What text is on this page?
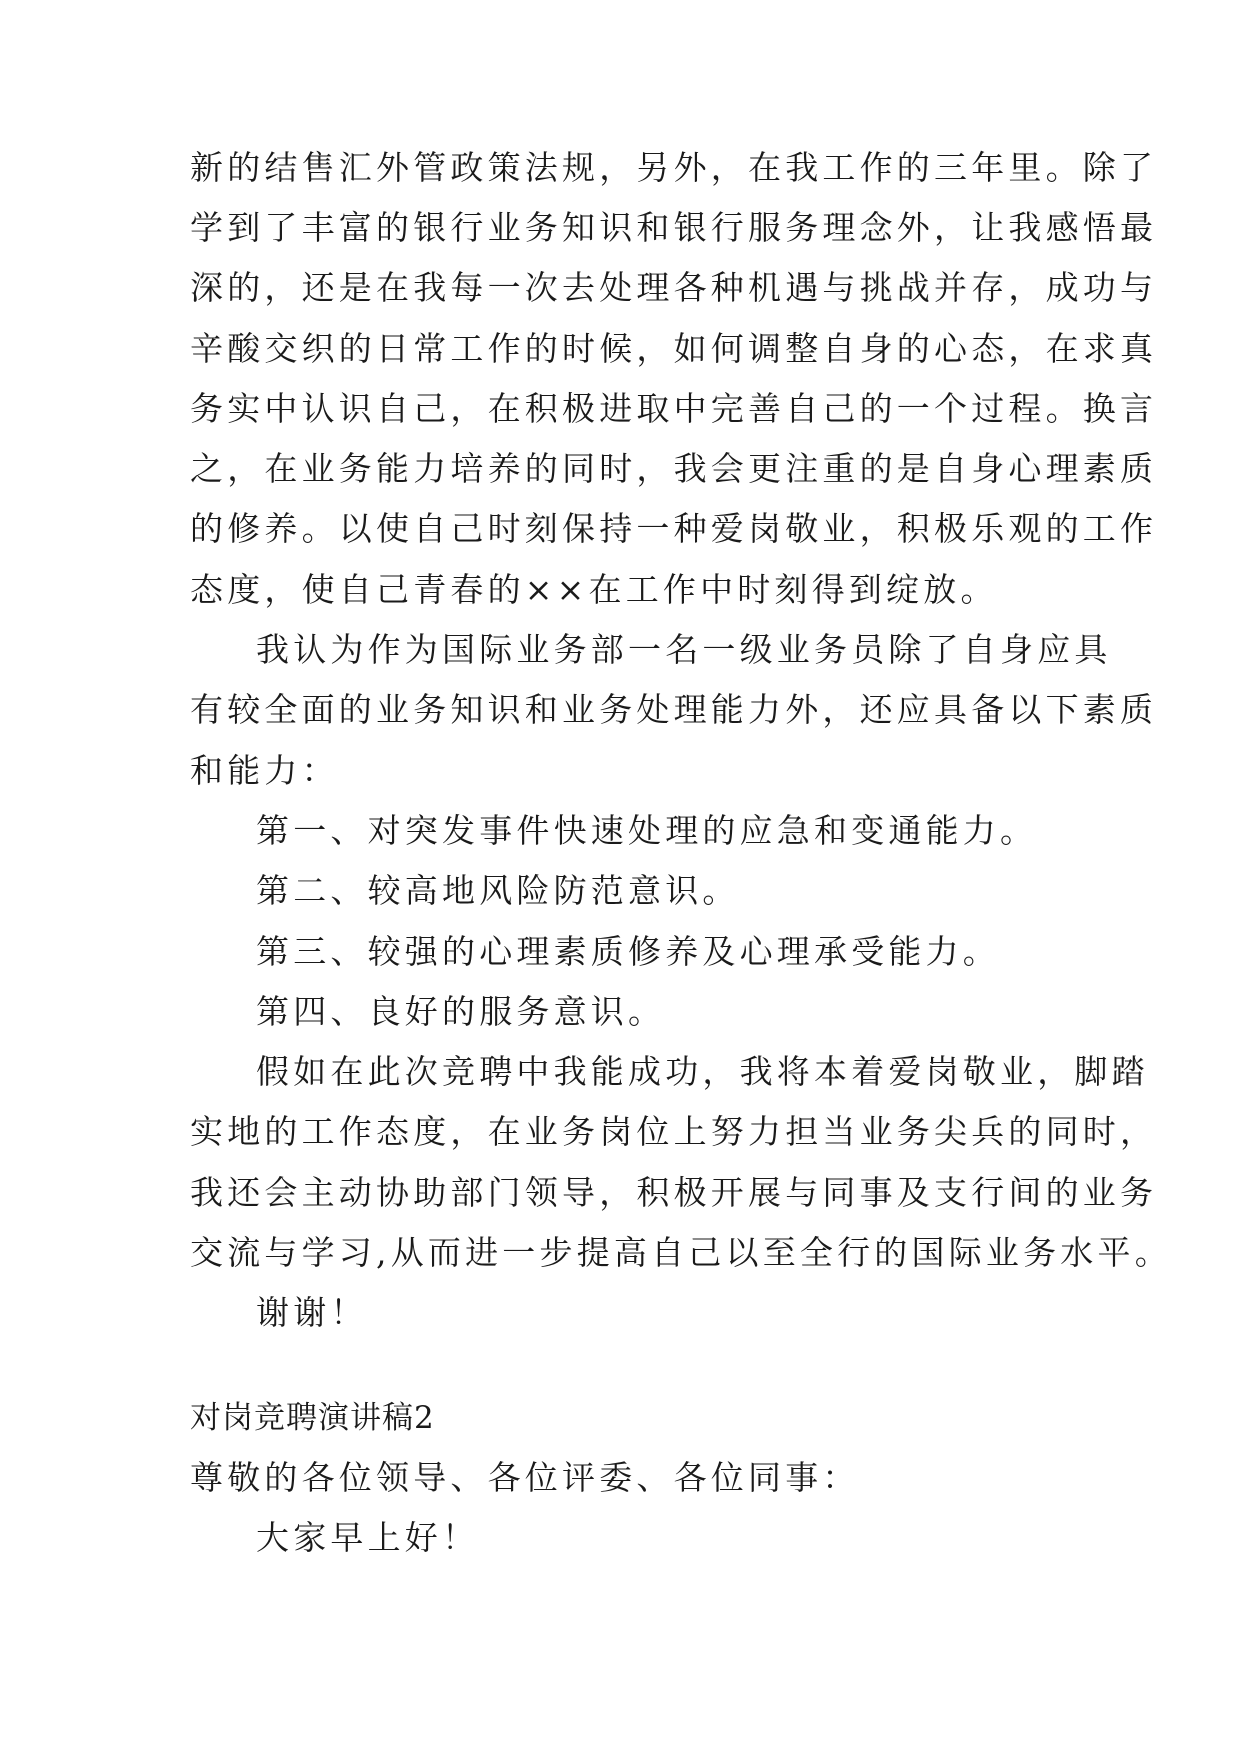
新的结售汇外管政策法规，另外，在我工作的三年里。除了
学到了丰富的银行业务知识和银行服务理念外，让我感悟最
深的，还是在我每一次去处理各种机遇与挑战并存，成功与
辛酸交织的日常工作的时候，如何调整自身的心态，在求真
务实中认识自己，在积极进取中完善自己的一个过程。换言
之，在业务能力培养的同时，我会更注重的是自身心理素质
的修养。以使自己时刻保持一种爱岗敬业，积极乐观的工作
态度，使自己青春的××在工作中时刻得到绽放。
我认为作为国际业务部一名一级业务员除了自身应具
有较全面的业务知识和业务处理能力外，还应具备以下素质
和能力：
第一、对突发事件快速处理的应急和变通能力。
第二、较高地风险防范意识。
第三、较强的心理素质修养及心理承受能力。
第四、良好的服务意识。
假如在此次竞聘中我能成功，我将本着爱岗敬业，脚踏
实地的工作态度，在业务岗位上努力担当业务尖兵的同时，
我还会主动协助部门领导，积极开展与同事及支行间的业务
交流与学习,从而进一步提高自己以至全行的国际业务水平。
谢谢！
对岗竞聘演讲稿2
尊敬的各位领导、各位评委、各位同事：
大家早上好！
